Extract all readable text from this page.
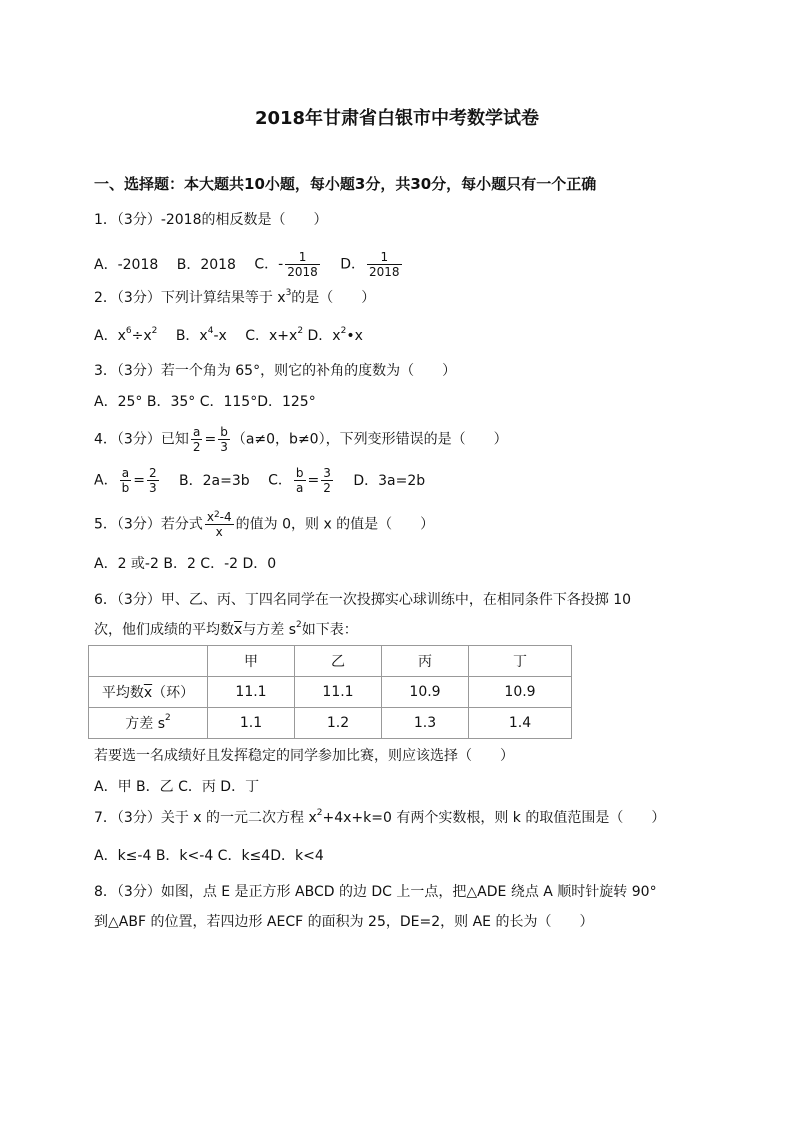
2018年甘肃省白银市中考数学试卷
一、选择题：本大题共10小题，每小题3分，共30分，每小题只有一个正确
1．（3分）-2018的相反数是（　　）
A．-2018 B．2018 C．- $\frac{1}{2018}$ D． $\frac{1}{2018}$
2．（3分）下列计算结果等于 $x^3$的是（　　）
A．$x^6\div x^2$ B．$x^4-x$ C．$x+x^2$ D．$x^2•x$
3．（3分）若一个角为 65°，则它的补角的度数为（　　）
A．25° B．35° C．115°D．125°
4．（3分）已知 $\frac{a}{2} = \frac{b}{3} (a\ne 0$，b≠0），下列变形错误的是（　　）
A． $\frac{a}{b} = \frac{2}{3}$ B．2a=3b C． $\frac{b}{a} = \frac{3}{2}$ D．3a=2b
5．（3分）若分式 $\frac{x^2-4}{x}$ 的值为 0，则 x 的值是（　　）
A．2 或-2 B．2 C．-2 D．0
6．（3分）甲、乙、丙、丁四名同学在一次投掷实心球训练中，在相同条件下各投掷 10
次，他们成绩的平均数$\overline{x}$与方差 $s^2$如下表：
	甲	乙	丙	丁
平均数$\overline{x}$（环）	11.1	11.1	10.9	10.9
方差 $s^2$	1.1	1.2	1.3	1.4
若要选一名成绩好且发挥稳定的同学参加比赛，则应该选择（　　）
A．甲 B．乙 C．丙 D．丁
7．（3分）关于 x 的一元二次方程 $x^2+4x+k=0$ 有两个实数根，则 k 的取值范围是（　　）
A．k≤-4 B．k<-4 C．k≤4D．k<4
8．（3分）如图，点 E 是正方形 ABCD 的边 DC 上一点，把△ADE 绕点 A 顺时针旋转 90°
到△ABF 的位置，若四边形 AECF 的面积为 25，DE=2，则 AE 的长为（　　）
